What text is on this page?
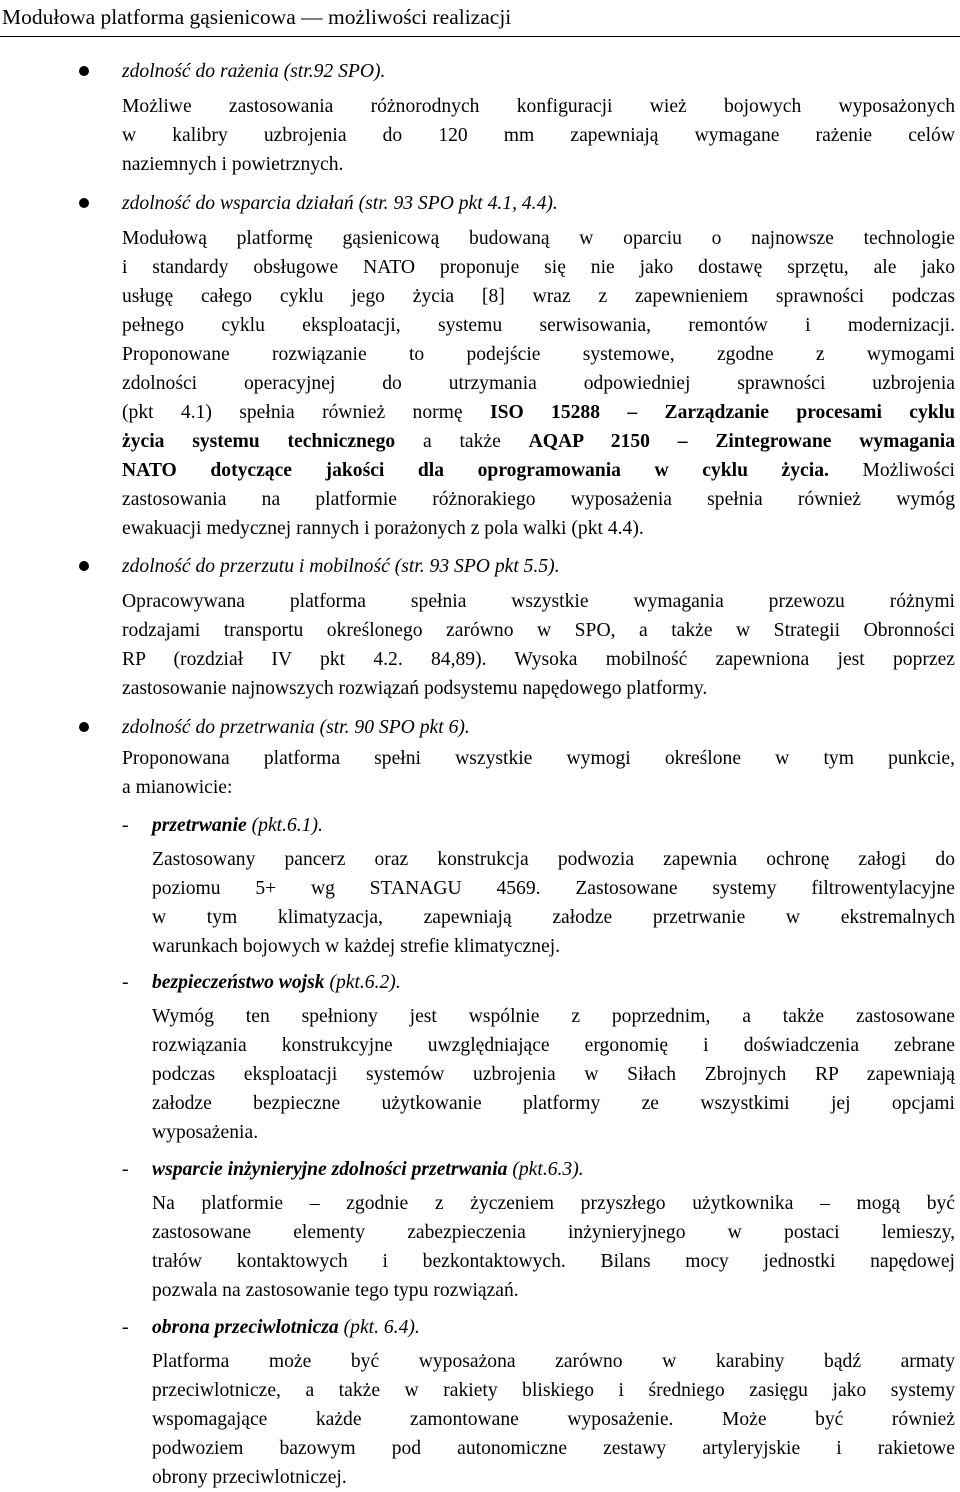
Modułowa platforma gąsienicowa — możliwości realizacji

zdolność do rażenia (str.92 SPO).

Możliwe zastosowania różnorodnych konfiguracji wież bojowych wyposażonych

w kalibry uzbrojenia do 120 mm zapewniają wymagane rażenie celów

naziemnych i powietrznych.

zdolność do wsparcia działań (str. 93 SPO pkt 4.1, 4.4).

Modułową platformę gąsienicową budowaną w oparciu o najnowsze technologie

i standardy obsługowe NATO proponuje się nie jako dostawę sprzętu, ale jako

usługę całego cyklu jego życia [8] wraz z zapewnieniem sprawności podczas

pełnego cyklu eksploatacji, systemu serwisowania, remontów i modernizacji.

Proponowane rozwiązanie to podejście systemowe, zgodne z wymogami

zdolności operacyjnej do utrzymania odpowiedniej sprawności uzbrojenia

(pkt 4.1) spełnia również normę ISO 15288 – Zarządzanie procesami cyklu

życia systemu technicznego a także AQAP 2150 – Zintegrowane wymagania

NATO dotyczące jakości dla oprogramowania w cyklu życia. Możliwości

zastosowania na platformie różnorakiego wyposażenia spełnia również wymóg

ewakuacji medycznej rannych i porażonych z pola walki (pkt 4.4).

zdolność do przerzutu i mobilność (str. 93 SPO pkt 5.5).

Opracowywana platforma spełnia wszystkie wymagania przewozu różnymi

rodzajami transportu określonego zarówno w SPO, a także w Strategii Obronności

RP (rozdział IV pkt 4.2. 84,89). Wysoka mobilność zapewniona jest poprzez

zastosowanie najnowszych rozwiązań podsystemu napędowego platformy.

zdolność do przetrwania (str. 90 SPO pkt 6).

Proponowana platforma spełni wszystkie wymogi określone w tym punkcie,

a mianowicie:

- przetrwanie (pkt.6.1).

Zastosowany pancerz oraz konstrukcja podwozia zapewnia ochronę załogi do

poziomu 5+ wg STANAGU 4569. Zastosowane systemy filtrowentylacyjne

w tym klimatyzacja, zapewniają załodze przetrwanie w ekstremalnych

warunkach bojowych w każdej strefie klimatycznej.

- bezpieczeństwo wojsk (pkt.6.2).

Wymóg ten spełniony jest wspólnie z poprzednim, a także zastosowane

rozwiązania konstrukcyjne uwzględniające ergonomię i doświadczenia zebrane

podczas eksploatacji systemów uzbrojenia w Siłach Zbrojnych RP zapewniają

załodze bezpieczne użytkowanie platformy ze wszystkimi jej opcjami

wyposażenia.

- wsparcie inżynieryjne zdolności przetrwania (pkt.6.3).

Na platformie – zgodnie z życzeniem przyszłego użytkownika – mogą być

zastosowane elementy zabezpieczenia inżynieryjnego w postaci lemieszy,

trałów kontaktowych i bezkontaktowych. Bilans mocy jednostki napędowej

pozwala na zastosowanie tego typu rozwiązań.

- obrona przeciwlotnicza (pkt. 6.4).

Platforma może być wyposażona zarówno w karabiny bądź armaty

przeciwlotnicze, a także w rakiety bliskiego i średniego zasięgu jako systemy

wspomagające każde zamontowane wyposażenie. Może być również

podwoziem bazowym pod autonomiczne zestawy artyleryjskie i rakietowe

obrony przeciwlotniczej.
